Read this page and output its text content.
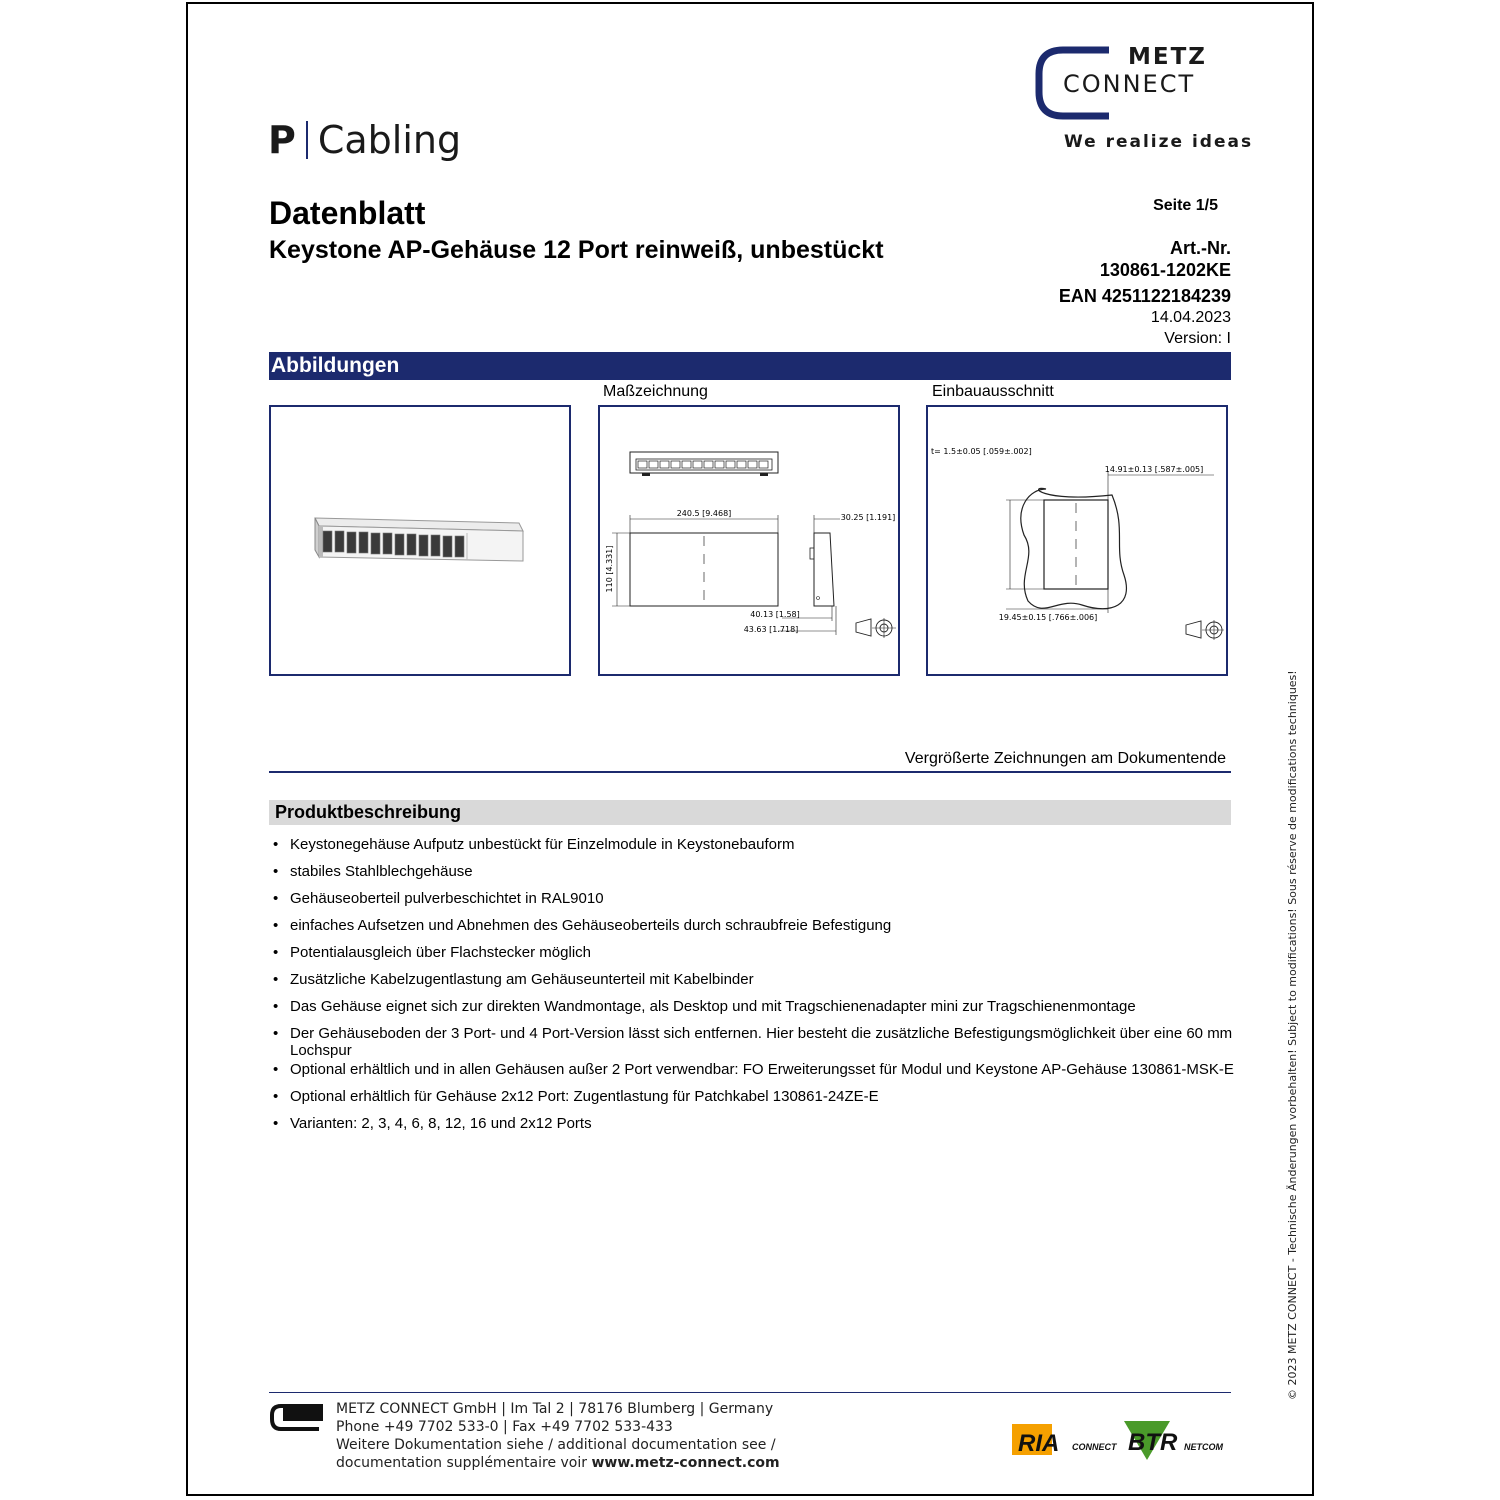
METZ
CONNECT
We realize ideas
P Cabling
Datenblatt
Keystone AP-Gehäuse 12 Port reinweiß, unbestückt
Seite 1/5
Art.-Nr.
130861-1202KE
EAN 4251122184239
14.04.2023
Version: I
Abbildungen
Maßzeichnung	Einbauausschnitt
240.5 [9.468]
110 [4.331]
30.25 [1.191]
40.13 [1.58]
43.63 [1.718]
t= 1.5±0.05 [.059±.002]
14.91±0.13 [.587±.005]
19.45±0.15 [.766±.006]
Vergrößerte Zeichnungen am Dokumentende
Produktbeschreibung
• Keystonegehäuse Aufputz unbestückt für Einzelmodule in Keystonebauform
• stabiles Stahlblechgehäuse
• Gehäuseoberteil pulverbeschichtet in RAL9010
• einfaches Aufsetzen und Abnehmen des Gehäuseoberteils durch schraubfreie Befestigung
• Potentialausgleich über Flachstecker möglich
• Zusätzliche Kabelzugentlastung am Gehäuseunterteil mit Kabelbinder
• Das Gehäuse eignet sich zur direkten Wandmontage, als Desktop und mit Tragschienenadapter mini zur Tragschienenmontage
• Der Gehäuseboden der 3 Port- und 4 Port-Version lässt sich entfernen. Hier besteht die zusätzliche Befestigungsmöglichkeit über eine 60 mm Lochspur
• Optional erhältlich und in allen Gehäusen außer 2 Port verwendbar: FO Erweiterungsset für Modul und Keystone AP-Gehäuse 130861-MSK-E
• Optional erhältlich für Gehäuse 2x12 Port: Zugentlastung für Patchkabel 130861-24ZE-E
• Varianten: 2, 3, 4, 6, 8, 12, 16 und 2x12 Ports	© 2023 METZ CONNECT - Technische Änderungen vorbehalten! Subject to modifications! Sous réserve de modifications techniques!
METZ CONNECT GmbH | Im Tal 2 | 78176 Blumberg | Germany
Phone +49 7702 533-0 | Fax +49 7702 533-433
Weitere Dokumentation siehe / additional documentation see /
documentation supplémentaire voir www.metz-connect.com
RIA CONNECT BTR NETCOM
